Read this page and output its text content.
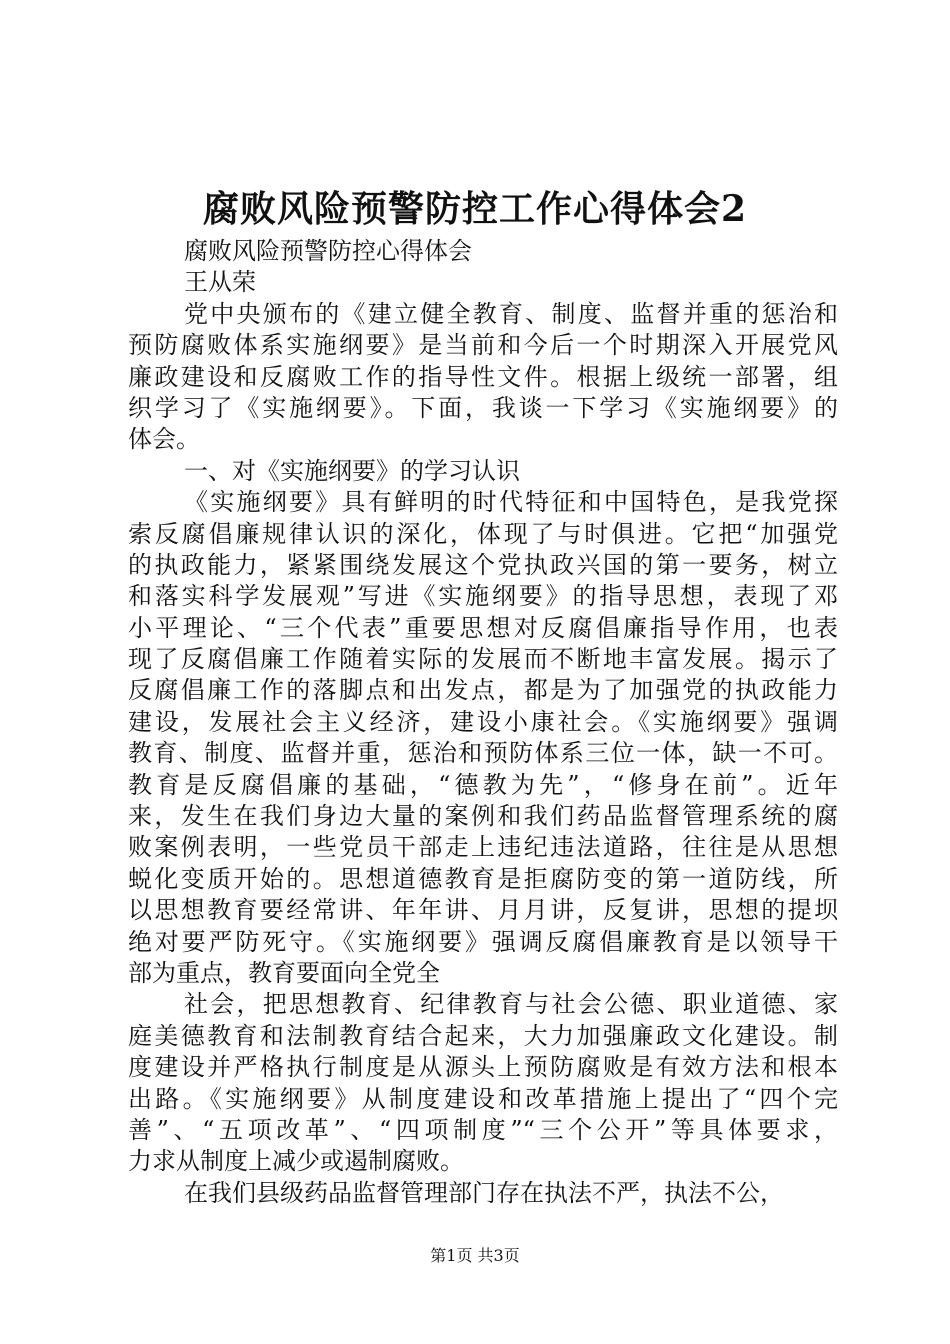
腐败风险预警防控工作心得体会2
腐败风险预警防控心得体会
王从荣
党中央颁布的《建立健全教育、制度、监督并重的惩治和
预防腐败体系实施纲要》是当前和今后一个时期深入开展党风
廉政建设和反腐败工作的指导性文件。根据上级统一部署，组
织学习了《实施纲要》。下面，我谈一下学习《实施纲要》的
体会。
一、对《实施纲要》的学习认识
《实施纲要》具有鲜明的时代特征和中国特色，是我党探
索反腐倡廉规律认识的深化，体现了与时俱进。它把“加强党
的执政能力，紧紧围绕发展这个党执政兴国的第一要务，树立
和落实科学发展观”写进《实施纲要》的指导思想，表现了邓
小平理论、“三个代表”重要思想对反腐倡廉指导作用，也表
现了反腐倡廉工作随着实际的发展而不断地丰富发展。揭示了
反腐倡廉工作的落脚点和出发点，都是为了加强党的执政能力
建设，发展社会主义经济，建设小康社会。《实施纲要》强调
教育、制度、监督并重，惩治和预防体系三位一体，缺一不可。
教育是反腐倡廉的基础，“德教为先”，“修身在前”。近年
来，发生在我们身边大量的案例和我们药品监督管理系统的腐
败案例表明，一些党员干部走上违纪违法道路，往往是从思想
蜕化变质开始的。思想道德教育是拒腐防变的第一道防线，所
以思想教育要经常讲、年年讲、月月讲，反复讲，思想的提坝
绝对要严防死守。《实施纲要》强调反腐倡廉教育是以领导干
部为重点，教育要面向全党全
社会，把思想教育、纪律教育与社会公德、职业道德、家
庭美德教育和法制教育结合起来，大力加强廉政文化建设。制
度建设并严格执行制度是从源头上预防腐败是有效方法和根本
出路。《实施纲要》从制度建设和改革措施上提出了“四个完
善”、“五项改革”、“四项制度”“三个公开”等具体要求，
力求从制度上减少或遏制腐败。
在我们县级药品监督管理部门存在执法不严，执法不公，
第1页 共3页
